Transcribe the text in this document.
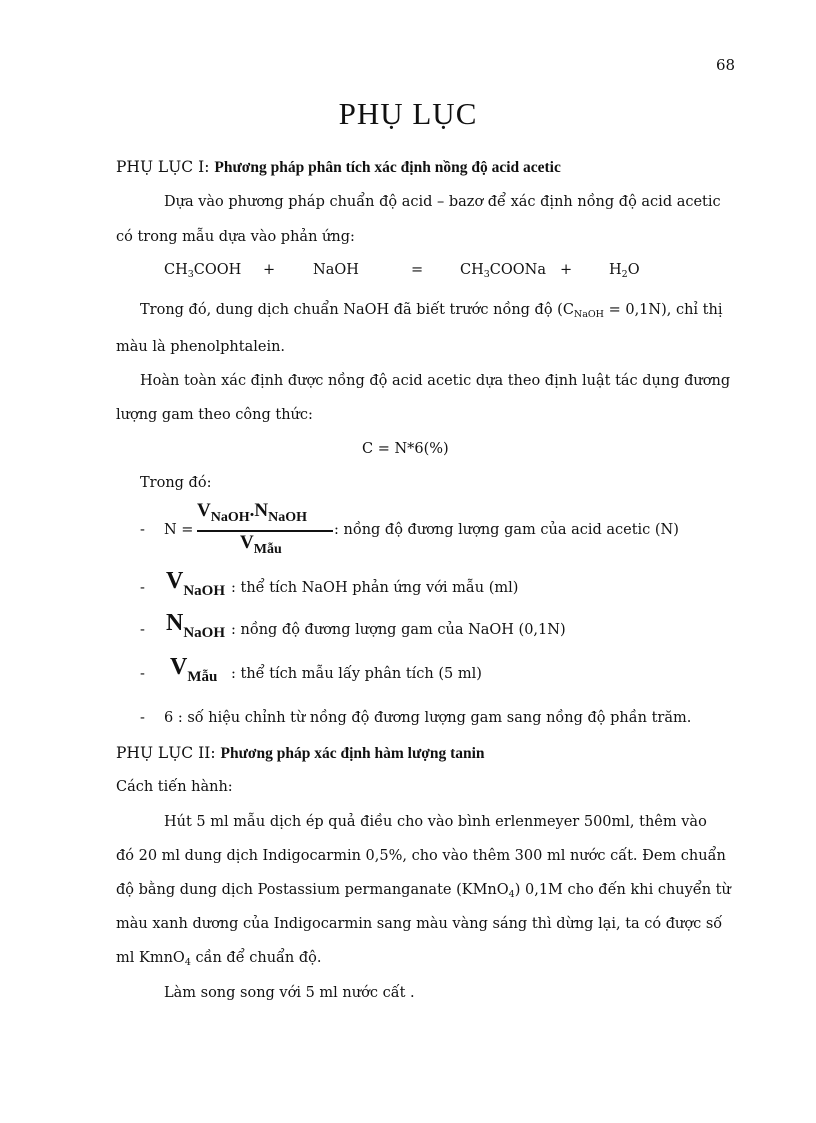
68
PHỤ LỤC
PHỤ LỤC I: Phương pháp phân tích xác định nồng độ acid acetic
Dựa vào phương pháp chuẩn độ acid – bazơ để xác định nồng độ acid acetic
có trong mẫu dựa vào phản ứng:
$CH_3COOH$ +	NaOH	=	$CH_3COONa$ +	$H_2O$
Trong đó, dung dịch chuẩn NaOH đã biết trước nồng độ $(C_{NaOH} = 0,1N)$, chỉ thị
màu là phenolphtalein.
Hoàn toàn xác định được nồng độ acid acetic dựa theo định luật tác dụng đương
lượng gam theo công thức:
C = N*6(%)
Trong đó:
- N =
VNaOH.NNaOH
VMẫu
: nồng độ đương lượng gam của acid acetic (N)
- VNaOH : thể tích NaOH phản ứng với mẫu (ml)
- NNaOH : nồng độ đương lượng gam của NaOH (0,1N)
- VMẫu : thể tích mẫu lấy phân tích (5 ml)
- 6 : số hiệu chỉnh từ nồng độ đương lượng gam sang nồng độ phần trăm.
PHỤ LỤC II: Phương pháp xác định hàm lượng tanin
Cách tiến hành:
Hút 5 ml mẫu dịch ép quả điều cho vào bình erlenmeyer 500ml, thêm vào
đó 20 ml dung dịch Indigocarmin 0,5%, cho vào thêm 300 ml nước cất. Đem chuẩn
độ bằng dung dịch Postassium permanganate (KMnO$_4$) 0,1M cho đến khi chuyển từ
màu xanh dương của Indigocarmin sang màu vàng sáng thì dừng lại, ta có được số
ml KmnO$_4$ cần để chuẩn độ.
Làm song song với 5 ml nước cất .
